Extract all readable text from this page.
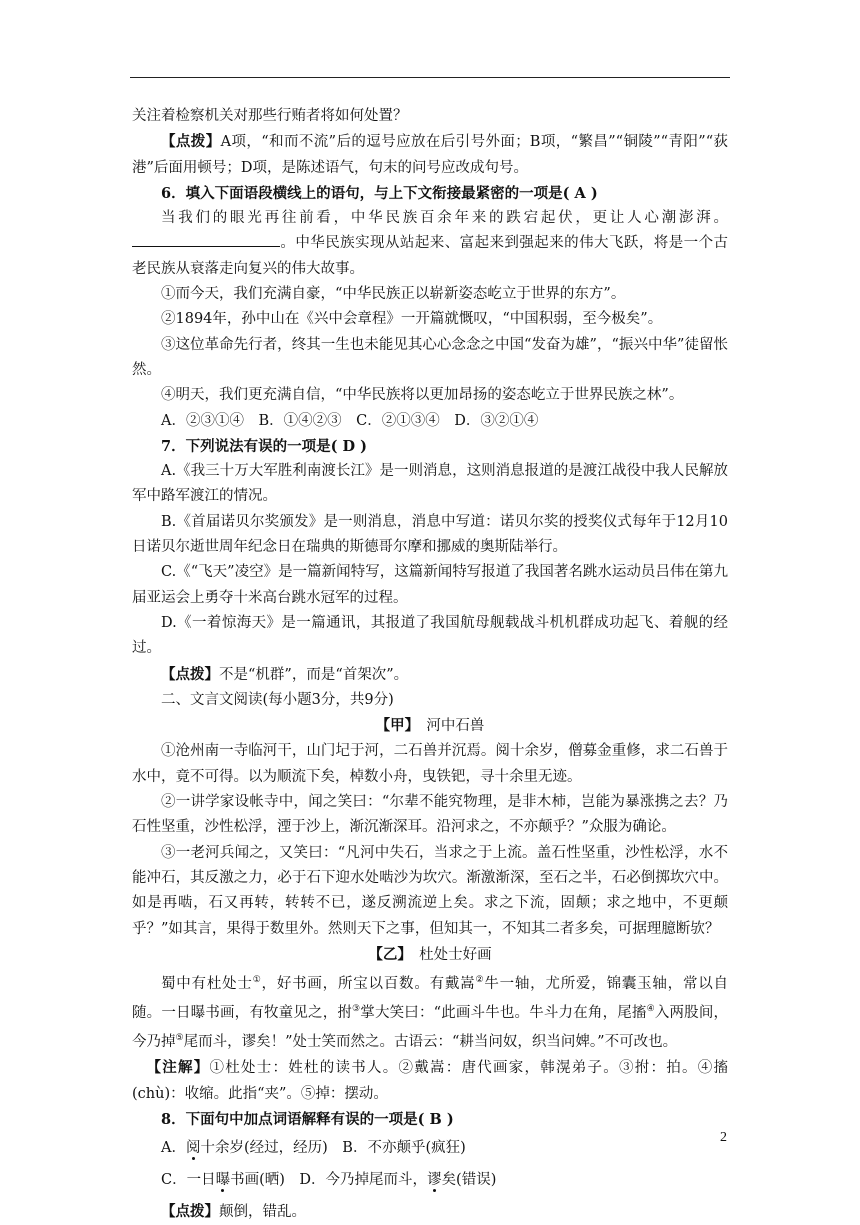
关注着检察机关对那些行贿者将如何处置？

【点拨】A项，“和而不流”后的逗号应放在后引号外面；B项，“繁昌”“铜陵”“青阳”“荻港”后面用顿号；D项，是陈述语气，句末的问号应改成句号。

6．填入下面语段横线上的语句，与上下文衔接最紧密的一项是( A )

当我们的眼光再往前看，中华民族百余年来的跌宕起伏，更让人心潮澎湃。。中华民族实现从站起来、富起来到强起来的伟大飞跃，将是一个古老民族从衰落走向复兴的伟大故事。

①而今天，我们充满自豪，“中华民族正以崭新姿态屹立于世界的东方”。

②1894年，孙中山在《兴中会章程》一开篇就慨叹，“中国积弱，至今极矣”。

③这位革命先行者，终其一生也未能见其心心念念之中国“发奋为雄”，“振兴中华”徒留怅然。

④明天，我们更充满自信，“中华民族将以更加昂扬的姿态屹立于世界民族之林”。

A．②③①④　B．①④②③　C．②①③④　D．③②①④

7．下列说法有误的一项是( D )

A.《我三十万大军胜利南渡长江》是一则消息，这则消息报道的是渡江战役中我人民解放军中路军渡江的情况。

B.《首届诺贝尔奖颁发》是一则消息，消息中写道：诺贝尔奖的授奖仪式每年于12月10日诺贝尔逝世周年纪念日在瑞典的斯德哥尔摩和挪威的奥斯陆举行。

C.《“飞天”凌空》是一篇新闻特写，这篇新闻特写报道了我国著名跳水运动员吕伟在第九届亚运会上勇夺十米高台跳水冠军的过程。

D.《一着惊海天》是一篇通讯，其报道了我国航母舰载战斗机机群成功起飞、着舰的经过。

【点拨】不是“机群”，而是“首架次”。

二、文言文阅读(每小题3分，共9分)

【甲】　 河中石兽

①沧州南一寺临河干，山门圮于河，二石兽并沉焉。阅十余岁，僧募金重修，求二石兽于水中，竟不可得。以为顺流下矣，棹数小舟，曳铁钯，寻十余里无迹。

②一讲学家设帐寺中，闻之笑曰：“尔辈不能究物理，是非木柿，岂能为暴涨携之去？乃石性坚重，沙性松浮，湮于沙上，渐沉渐深耳。沿河求之，不亦颠乎？”众服为确论。

③一老河兵闻之，又笑曰：“凡河中失石，当求之于上流。盖石性坚重，沙性松浮，水不能冲石，其反激之力，必于石下迎水处啮沙为坎穴。渐激渐深，至石之半，石必倒掷坎穴中。如是再啮，石又再转，转转不已，遂反溯流逆上矣。求之下流，固颠；求之地中，不更颠乎？”如其言，果得于数里外。然则天下之事，但知其一，不知其二者多矣，可据理臆断欤？

【乙】　 杜处士好画

蜀中有杜处士①，好书画，所宝以百数。有戴嵩②牛一轴，尤所爱，锦囊玉轴，常以自随。一日曝书画，有牧童见之，拊③掌大笑曰：“此画斗牛也。牛斗力在角，尾搐④入两股间，今乃掉⑤尾而斗，谬矣！”处士笑而然之。古语云：“耕当问奴，织当问婢。”不可改也。

【注解】①杜处士：姓杜的读书人。②戴嵩：唐代画家，韩滉弟子。③拊：拍。④搐(chù)：收缩。此指“夹”。⑤掉：摆动。

8．下面句中加点词语解释有误的一项是( B )

A．阅十余岁(经过，经历)　B．不亦颠乎(疯狂)

C．一日曝书画(晒)　D．今乃掉尾而斗，谬矣(错误)

【点拨】颠倒，错乱。

2
